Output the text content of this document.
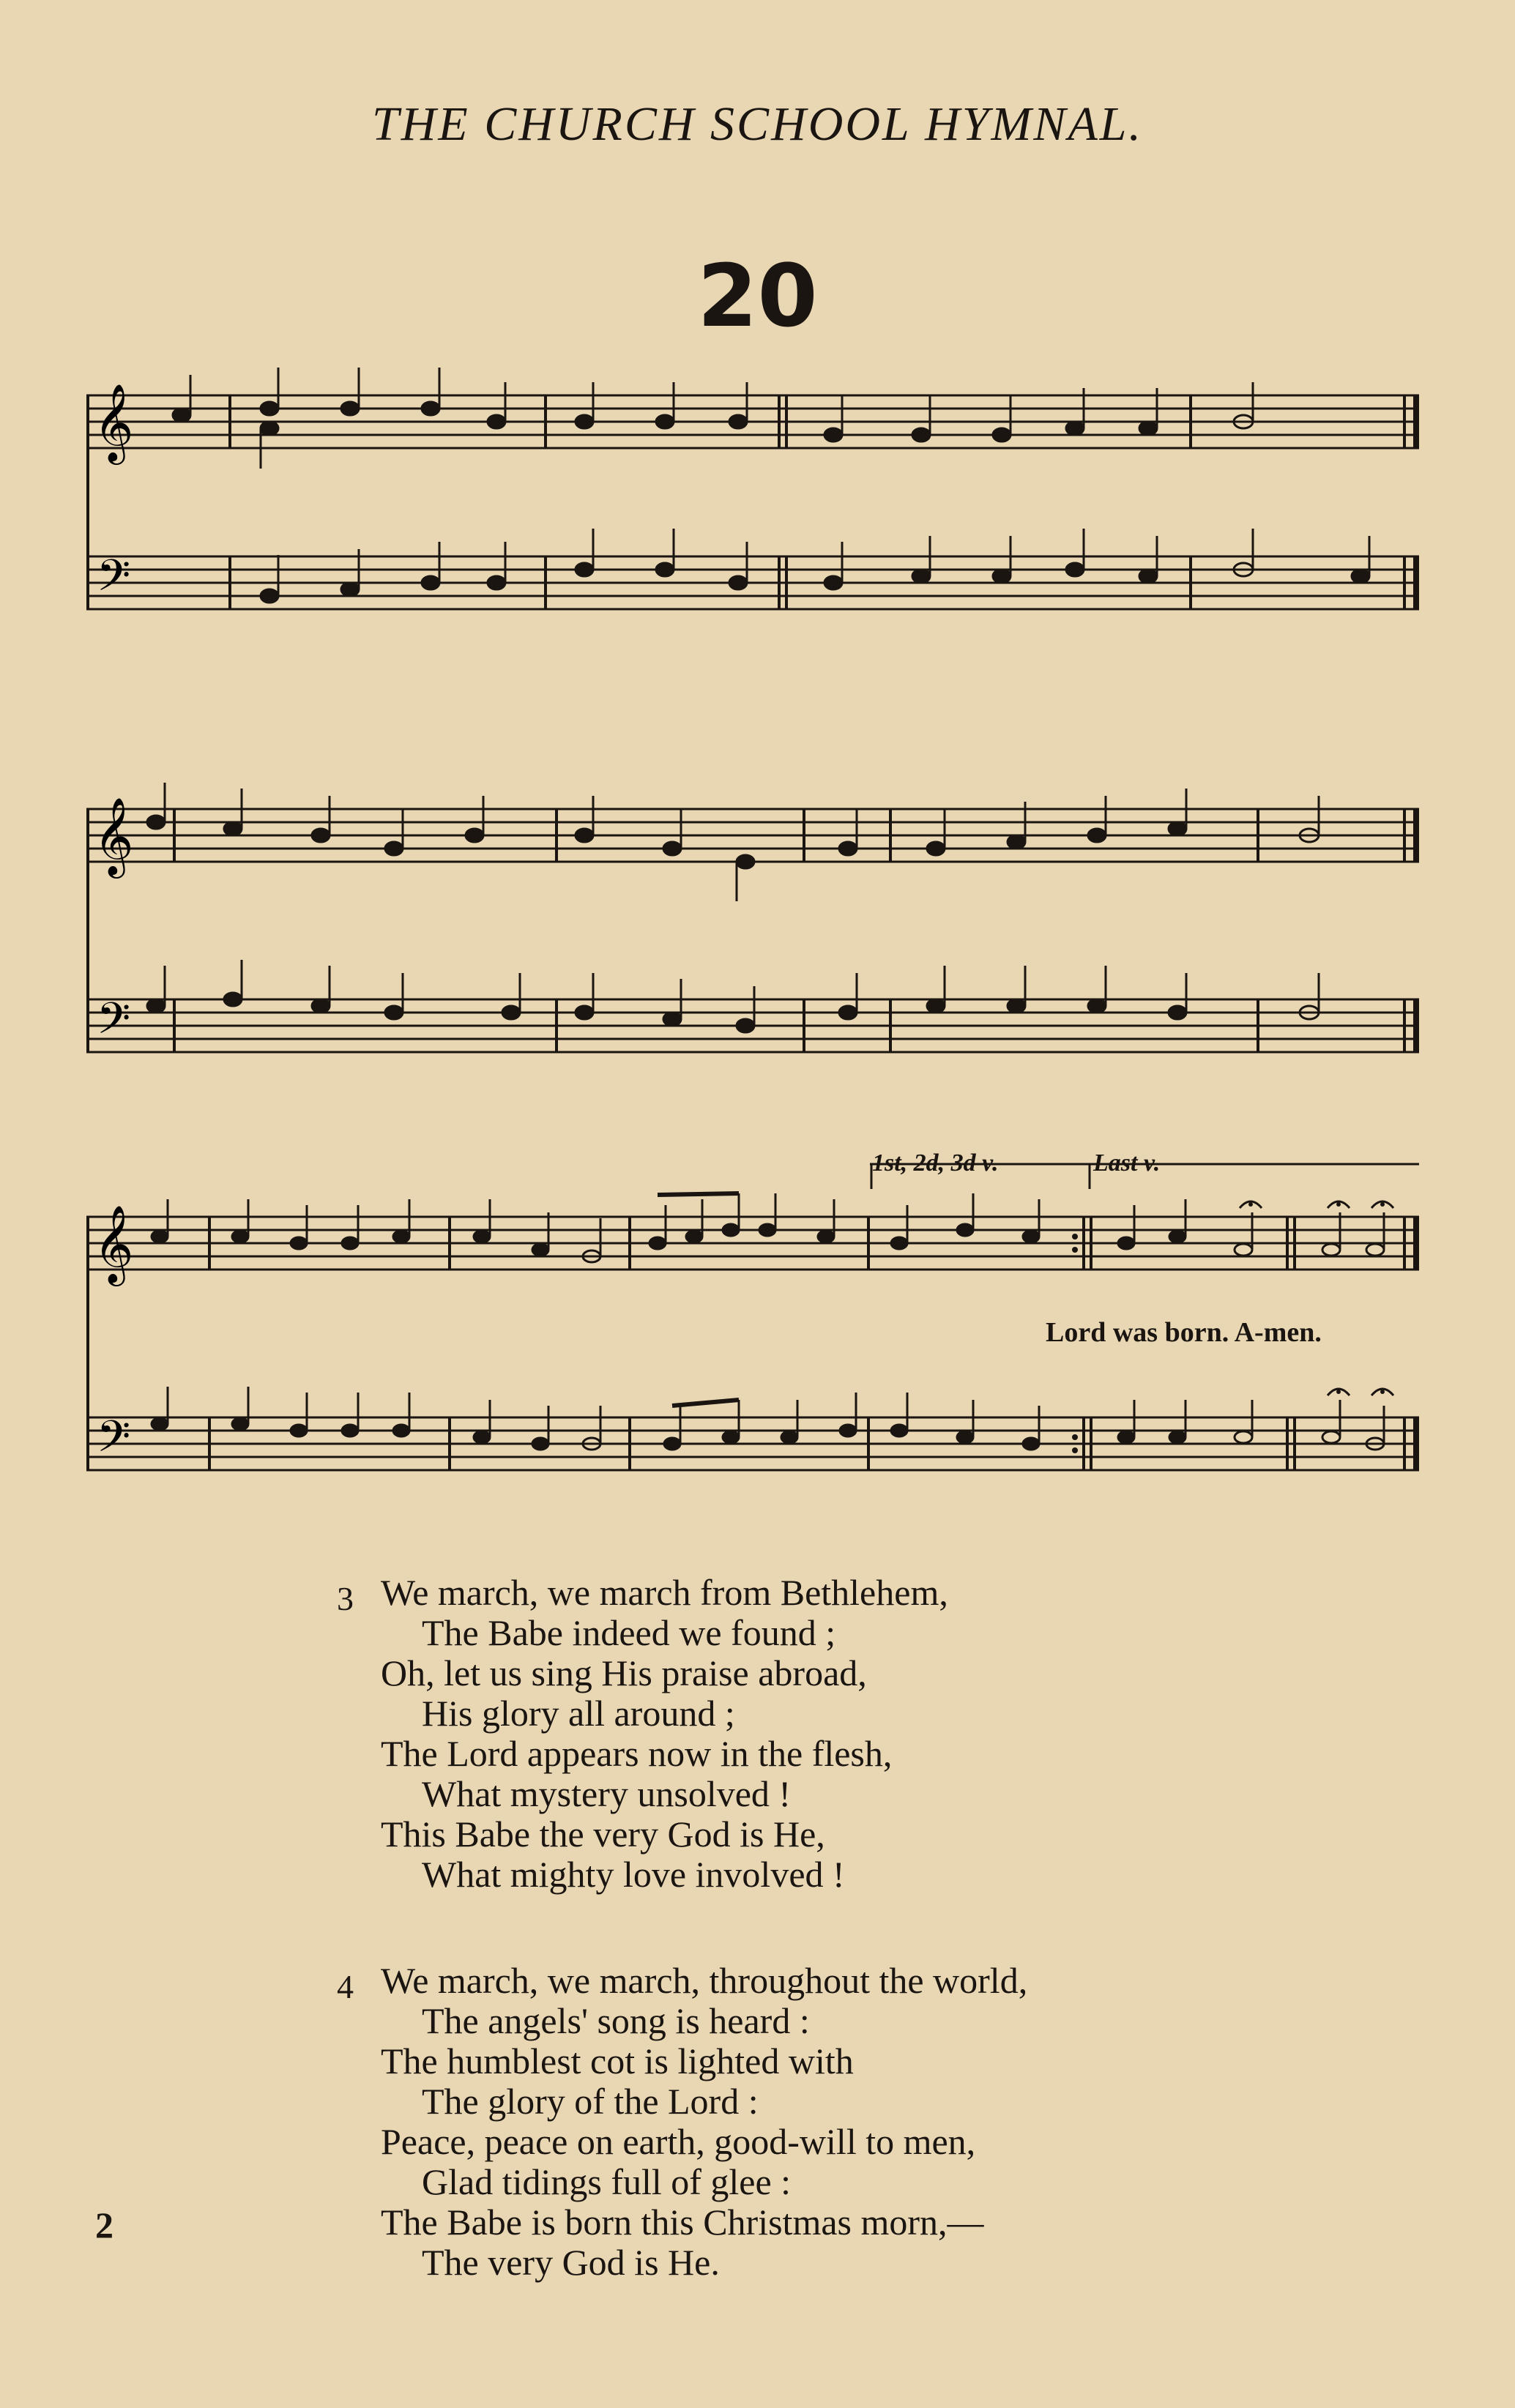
THE CHURCH SCHOOL HYMNAL.
20
𝄞
𝄢
𝄞
𝄢
𝄞
𝄢
1st, 2d, 3d v.	Last v.
Lord was born. A-men.
3 We march, we march from Bethlehem,
The Babe indeed we found ;
Oh, let us sing His praise abroad,
His glory all around ;
The Lord appears now in the flesh,
What mystery unsolved !
This Babe the very God is He,
What mighty love involved !
4 We march, we march, throughout the world,
The angels' song is heard :
The humblest cot is lighted with
The glory of the Lord :
Peace, peace on earth, good-will to men,
Glad tidings full of glee :
The Babe is born this Christmas morn,—
The very God is He.
2
